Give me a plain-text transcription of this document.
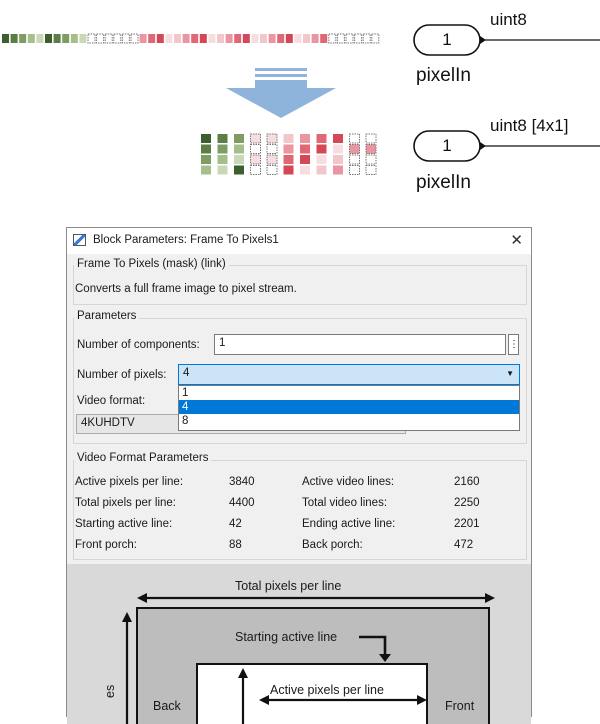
1
uint8
pixelIn
1
uint8 [4x1]
pixelIn
Block Parameters: Frame To Pixels1	✕
Frame To Pixels (mask) (link)
Converts a full frame image to pixel stream.
Parameters
Number of components:	1	⋮
Number of pixels:	4	▼
Video format:
4KUHDTV
1
4
8
Video Format Parameters
Active pixels per line:	3840	Active video lines:	2160
Total pixels per line:	4400	Total video lines:	2250
Starting active line:	42	Ending active line:	2201
Front porch:	88	Back porch:	472
Total pixels per line
Starting active line
Active pixels per line
Back	Front
es
